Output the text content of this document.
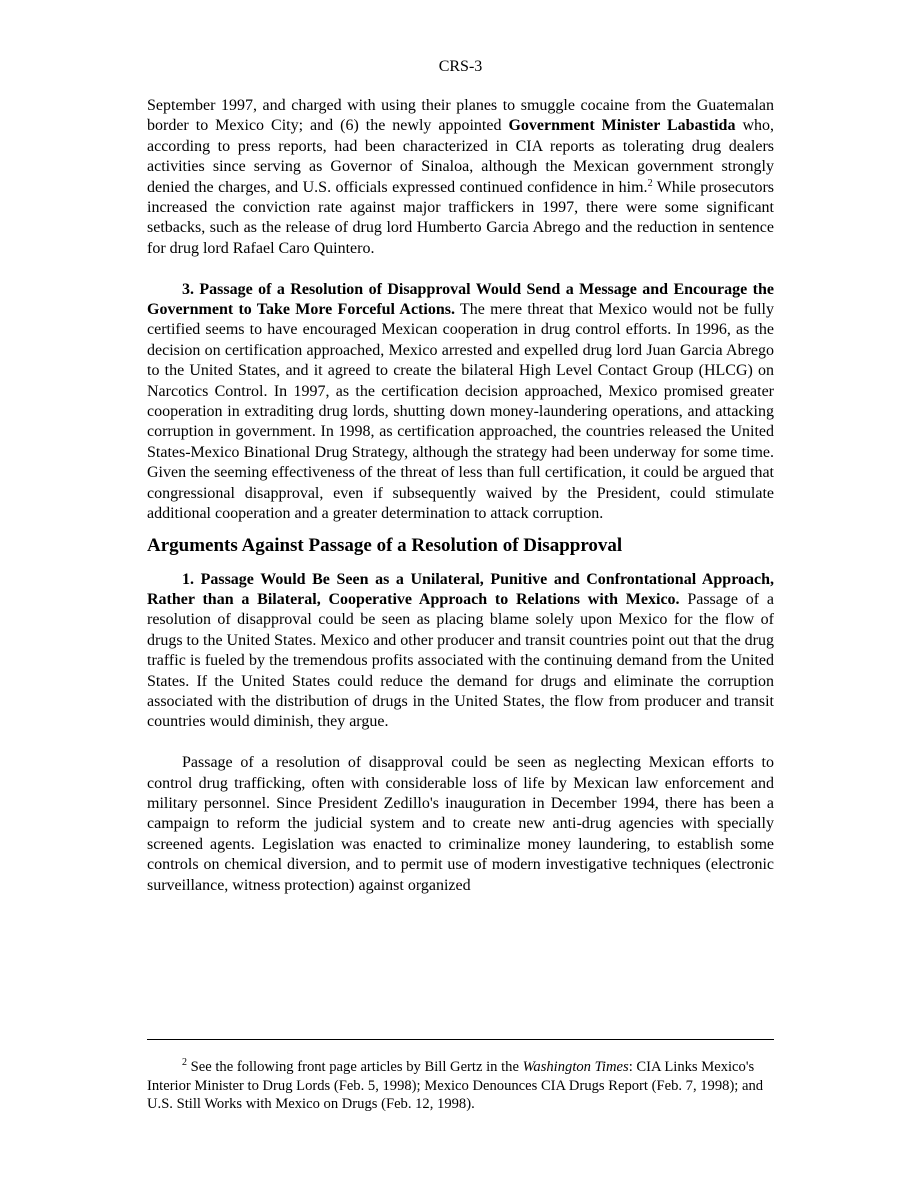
CRS-3

September 1997, and charged with using their planes to smuggle cocaine from the Guatemalan border to Mexico City; and (6) the newly appointed Government Minister Labastida who, according to press reports, had been characterized in CIA reports as tolerating drug dealers activities since serving as Governor of Sinaloa, although the Mexican government strongly denied the charges, and U.S. officials expressed continued confidence in him.$^2$ While prosecutors increased the conviction rate against major traffickers in 1997, there were some significant setbacks, such as the release of drug lord Humberto Garcia Abrego and the reduction in sentence for drug lord Rafael Caro Quintero.

3. Passage of a Resolution of Disapproval Would Send a Message and Encourage the Government to Take More Forceful Actions. The mere threat that Mexico would not be fully certified seems to have encouraged Mexican cooperation in drug control efforts. In 1996, as the decision on certification approached, Mexico arrested and expelled drug lord Juan Garcia Abrego to the United States, and it agreed to create the bilateral High Level Contact Group (HLCG) on Narcotics Control. In 1997, as the certification decision approached, Mexico promised greater cooperation in extraditing drug lords, shutting down money-laundering operations, and attacking corruption in government. In 1998, as certification approached, the countries released the United States-Mexico Binational Drug Strategy, although the strategy had been underway for some time. Given the seeming effectiveness of the threat of less than full certification, it could be argued that congressional disapproval, even if subsequently waived by the President, could stimulate additional cooperation and a greater determination to attack corruption.

Arguments Against Passage of a Resolution of Disapproval

1. Passage Would Be Seen as a Unilateral, Punitive and Confrontational Approach, Rather than a Bilateral, Cooperative Approach to Relations with Mexico. Passage of a resolution of disapproval could be seen as placing blame solely upon Mexico for the flow of drugs to the United States. Mexico and other producer and transit countries point out that the drug traffic is fueled by the tremendous profits associated with the continuing demand from the United States. If the United States could reduce the demand for drugs and eliminate the corruption associated with the distribution of drugs in the United States, the flow from producer and transit countries would diminish, they argue.

Passage of a resolution of disapproval could be seen as neglecting Mexican efforts to control drug trafficking, often with considerable loss of life by Mexican law enforcement and military personnel. Since President Zedillo's inauguration in December 1994, there has been a campaign to reform the judicial system and to create new anti-drug agencies with specially screened agents. Legislation was enacted to criminalize money laundering, to establish some controls on chemical diversion, and to permit use of modern investigative techniques (electronic surveillance, witness protection) against organized

$^2$ See the following front page articles by Bill Gertz in the Washington Times: CIA Links Mexico's Interior Minister to Drug Lords (Feb. 5, 1998); Mexico Denounces CIA Drugs Report (Feb. 7, 1998); and U.S. Still Works with Mexico on Drugs (Feb. 12, 1998).
